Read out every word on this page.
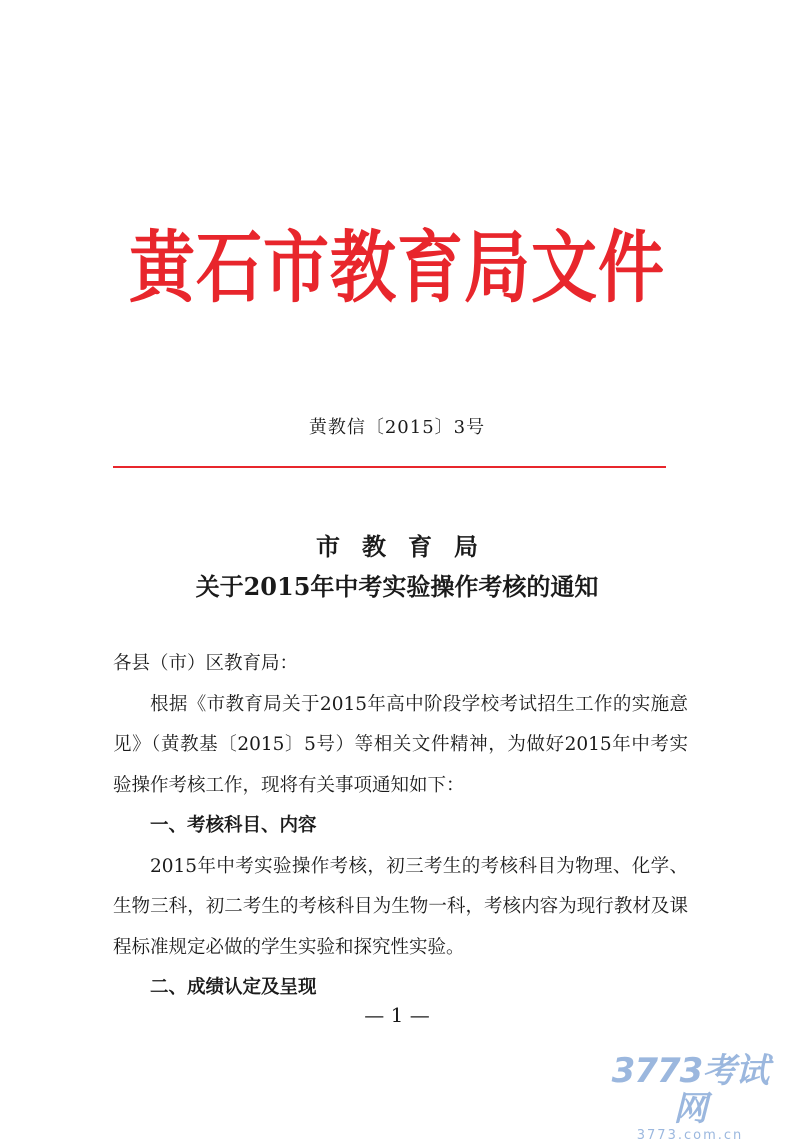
黄石市教育局文件
黄教信〔2015〕3号
市教育局
关于2015年中考实验操作考核的通知

各县（市）区教育局：

根据《市教育局关于2015年高中阶段学校考试招生工作的实施意见》（黄教基〔2015〕5号）等相关文件精神，为做好2015年中考实验操作考核工作，现将有关事项通知如下：

一、考核科目、内容

2015年中考实验操作考核，初三考生的考核科目为物理、化学、生物三科，初二考生的考核科目为生物一科，考核内容为现行教材及课程标准规定必做的学生实验和探究性实验。

二、成绩认定及呈现

— 1 —
3773考试网
3773.com.cn
